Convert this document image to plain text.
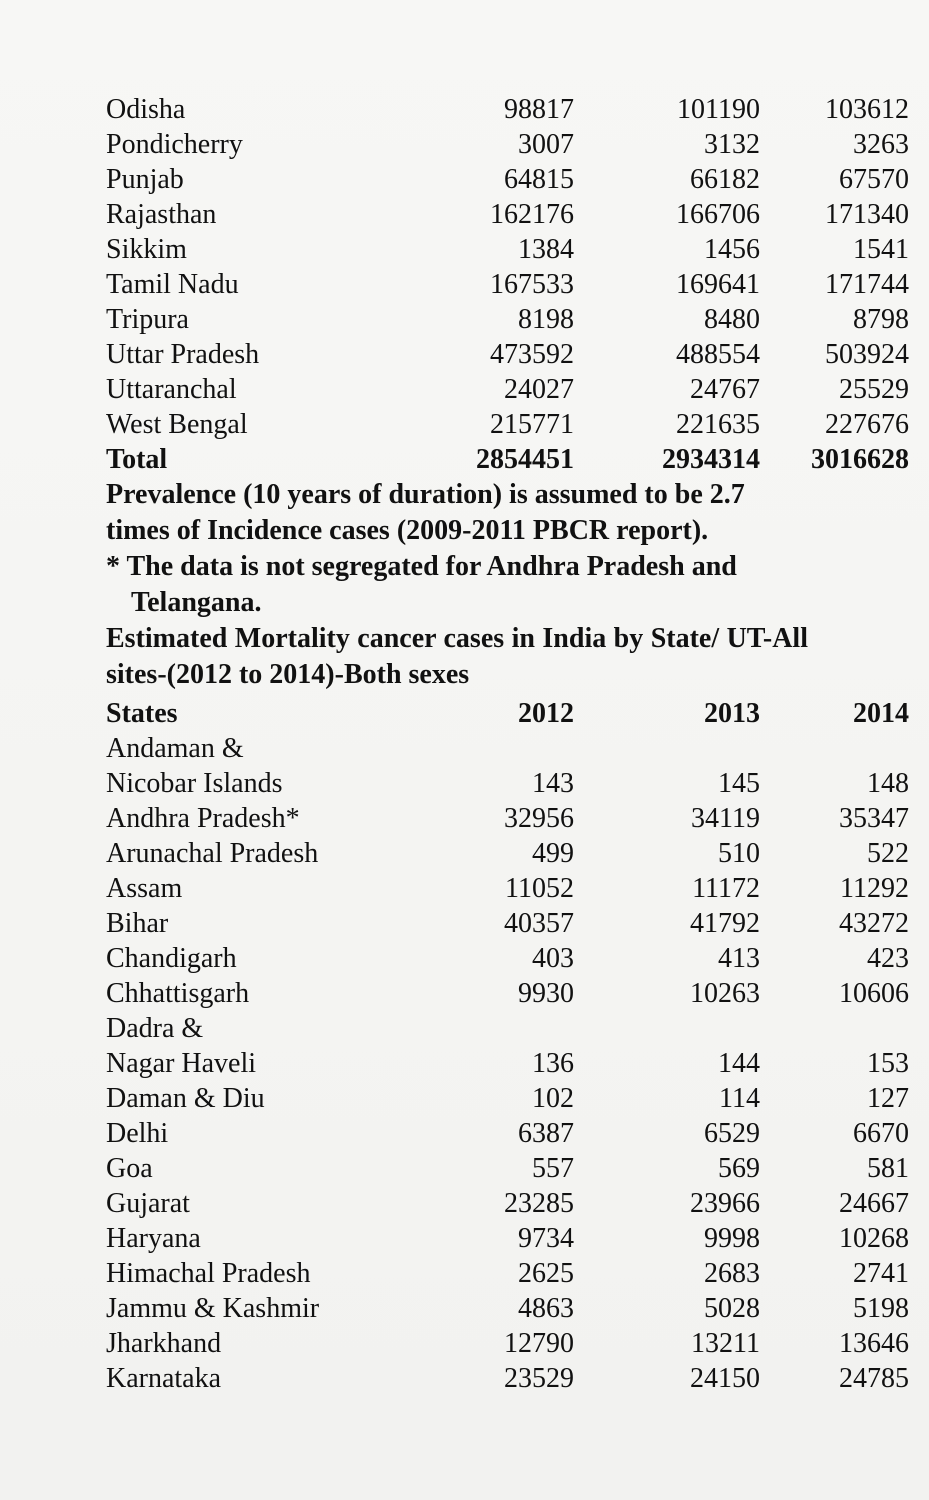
Odisha	98817	101190	103612
Pondicherry	3007	3132	3263
Punjab	64815	66182	67570
Rajasthan	162176	166706	171340
Sikkim	1384	1456	1541
Tamil Nadu	167533	169641	171744
Tripura	8198	8480	8798
Uttar Pradesh	473592	488554	503924
Uttaranchal	24027	24767	25529
West Bengal	215771	221635	227676
Total	2854451	2934314	3016628
Prevalence (10 years of duration) is assumed to be 2.7 times of Incidence cases (2009-2011 PBCR report).
* The data is not segregated for Andhra Pradesh and Telangana.
Estimated Mortality cancer cases in India by State/ UT-All sites-(2012 to 2014)-Both sexes
States	2012	2013	2014
Andaman &
Nicobar Islands	143	145	148
Andhra Pradesh*	32956	34119	35347
Arunachal Pradesh	499	510	522
Assam	11052	11172	11292
Bihar	40357	41792	43272
Chandigarh	403	413	423
Chhattisgarh	9930	10263	10606
Dadra &
Nagar Haveli	136	144	153
Daman & Diu	102	114	127
Delhi	6387	6529	6670
Goa	557	569	581
Gujarat	23285	23966	24667
Haryana	9734	9998	10268
Himachal Pradesh	2625	2683	2741
Jammu & Kashmir	4863	5028	5198
Jharkhand	12790	13211	13646
Karnataka	23529	24150	24785
